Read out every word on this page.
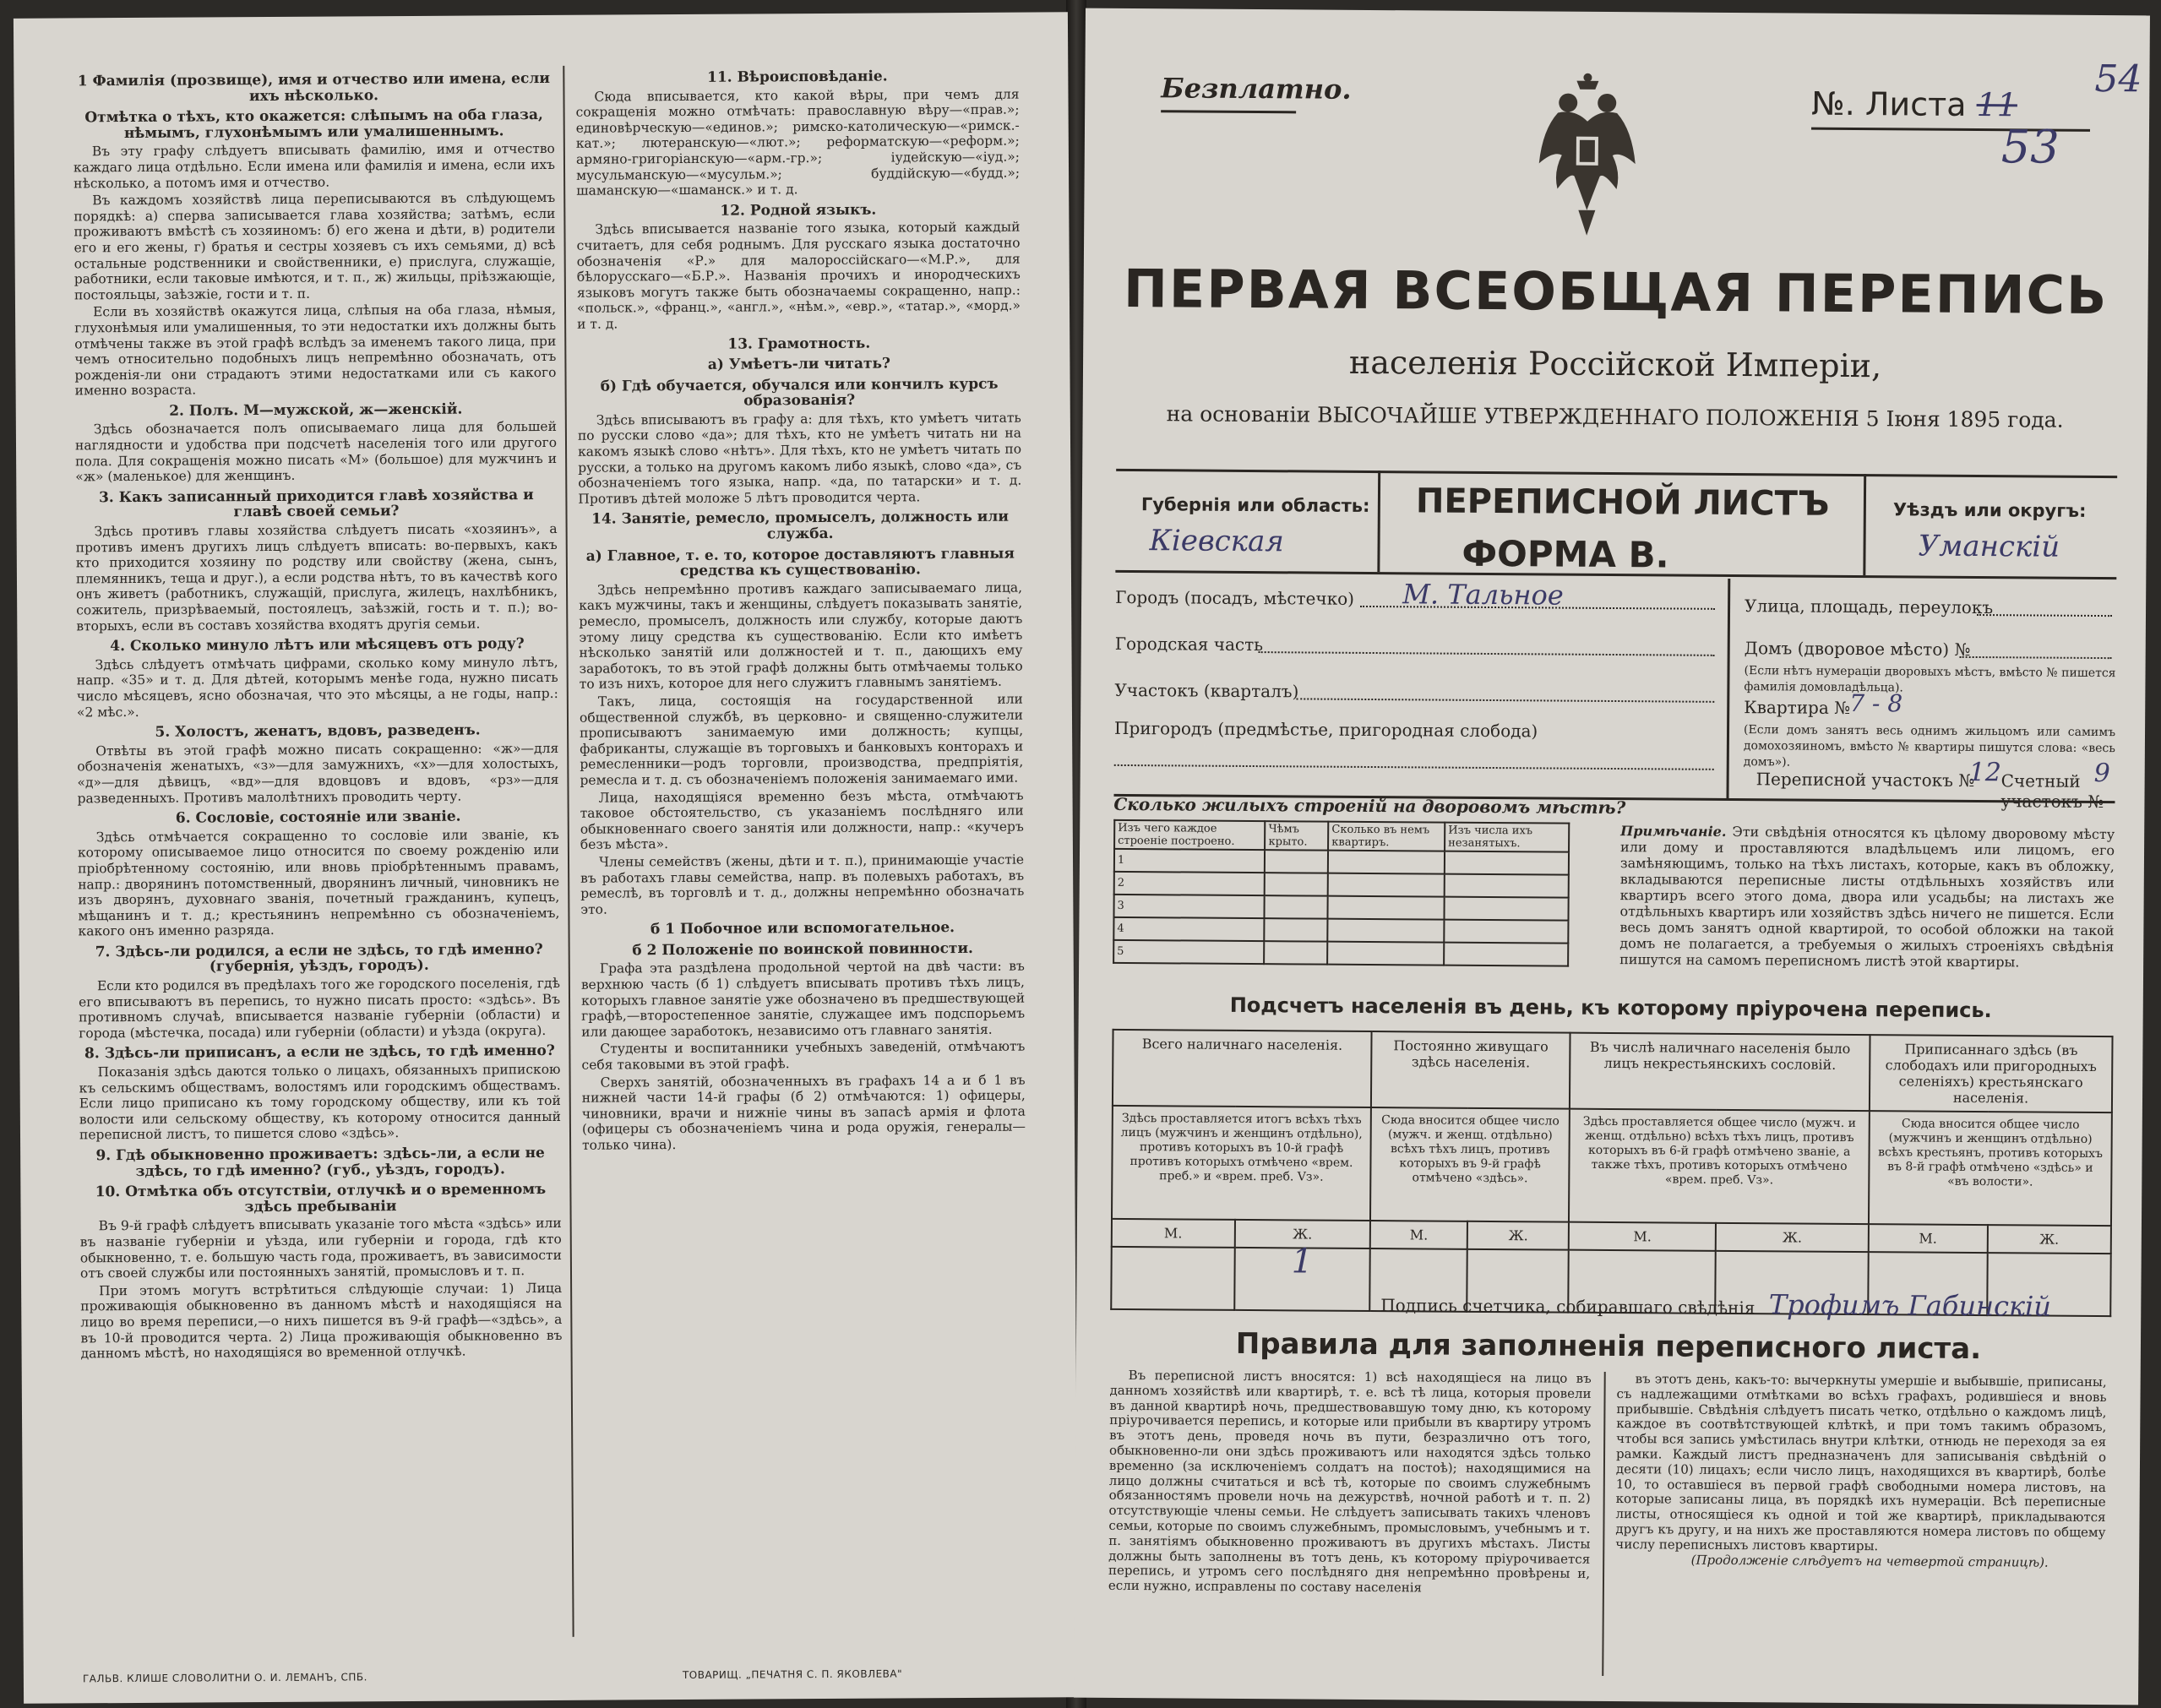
1 Фамилія (прозвище), имя и отчество или имена, если ихъ нѣсколько.
Отмѣтка о тѣхъ, кто окажется: слѣпымъ на оба глаза, нѣмымъ, глухонѣмымъ или умалишеннымъ.

Въ эту графу слѣдуетъ вписывать фамилію, имя и отчество каждаго лица отдѣльно. Если имена или фамилія и имена, если ихъ нѣсколько, а потомъ имя и отчество.

Въ каждомъ хозяйствѣ лица переписываются въ слѣдующемъ порядкѣ: а) сперва записывается глава хозяйства; затѣмъ, если проживаютъ вмѣстѣ съ хозяиномъ: б) его жена и дѣти, в) родители его и его жены, г) братья и сестры хозяевъ съ ихъ семьями, д) всѣ остальные родственники и свойственники, е) прислуга, служащіе, работники, если таковые имѣются, и т. п., ж) жильцы, пріѣзжающіе, постояльцы, заѣзжіе, гости и т. п.

Если въ хозяйствѣ окажутся лица, слѣпыя на оба глаза, нѣмыя, глухонѣмыя или умалишенныя, то эти недостатки ихъ должны быть отмѣчены также въ этой графѣ вслѣдъ за именемъ такого лица, при чемъ относительно подобныхъ лицъ непремѣнно обозначать, отъ рожденія-ли они страдаютъ этими недостатками или съ какого именно возраста.

2. Полъ. М—мужской, ж—женскій.

Здѣсь обозначается полъ описываемаго лица для большей наглядности и удобства при подсчетѣ населенія того или другого пола. Для сокращенія можно писать «М» (большое) для мужчинъ и «ж» (маленькое) для женщинъ.

3. Какъ записанный приходится главѣ хозяйства и главѣ своей семьи?

Здѣсь противъ главы хозяйства слѣдуетъ писать «хозяинъ», а противъ именъ другихъ лицъ слѣдуетъ вписать: во-первыхъ, какъ кто приходится хозяину по родству или свойству (жена, сынъ, племянникъ, теща и друг.), а если родства нѣтъ, то въ качествѣ кого онъ живетъ (работникъ, служащій, прислуга, жилецъ, нахлѣбникъ, сожитель, призрѣваемый, постоялецъ, заѣзжій, гость и т. п.); во-вторыхъ, если въ составъ хозяйства входятъ другія семьи.

4. Сколько минуло лѣтъ или мѣсяцевъ отъ роду?

Здѣсь слѣдуетъ отмѣчать цифрами, сколько кому минуло лѣтъ, напр. «35» и т. д. Для дѣтей, которымъ менѣе года, нужно писать число мѣсяцевъ, ясно обозначая, что это мѣсяцы, а не годы, напр.: «2 мѣс.».

5. Холостъ, женатъ, вдовъ, разведенъ.

Отвѣты въ этой графѣ можно писать сокращенно: «ж»—для обозначенія женатыхъ, «з»—для замужнихъ, «х»—для холостыхъ, «д»—для дѣвицъ, «вд»—для вдовцовъ и вдовъ, «рз»—для разведенныхъ. Противъ малолѣтнихъ проводить черту.

6. Сословіе, состояніе или званіе.

Здѣсь отмѣчается сокращенно то сословіе или званіе, къ которому описываемое лицо относится по своему рожденію или пріобрѣтенному состоянію, или вновь пріобрѣтеннымъ правамъ, напр.: дворянинъ потомственный, дворянинъ личный, чиновникъ не изъ дворянъ, духовнаго званія, почетный гражданинъ, купецъ, мѣщанинъ и т. д.; крестьянинъ непремѣнно съ обозначеніемъ, какого онъ именно разряда.

7. Здѣсь-ли родился, а если не здѣсь, то гдѣ именно? (губернія, уѣздъ, городъ).

Если кто родился въ предѣлахъ того же городского поселенія, гдѣ его вписываютъ въ перепись, то нужно писать просто: «здѣсь». Въ противномъ случаѣ, вписывается названіе губерніи (области) и города (мѣстечка, посада) или губерніи (области) и уѣзда (округа).

8. Здѣсь-ли приписанъ, а если не здѣсь, то гдѣ именно?

Показанія здѣсь даются только о лицахъ, обязанныхъ припискою къ сельскимъ обществамъ, волостямъ или городскимъ обществамъ. Если лицо приписано къ тому городскому обществу, или къ той волости или сельскому обществу, къ которому относится данный переписной листъ, то пишется слово «здѣсь».

9. Гдѣ обыкновенно проживаетъ: здѣсь-ли, а если не здѣсь, то гдѣ именно? (губ., уѣздъ, городъ).
10. Отмѣтка объ отсутствіи, отлучкѣ и о временномъ здѣсь пребываніи

Въ 9-й графѣ слѣдуетъ вписывать указаніе того мѣста «здѣсь» или въ названіе губерніи и уѣзда, или губерніи и города, гдѣ кто обыкновенно, т. е. большую часть года, проживаетъ, въ зависимости отъ своей службы или постоянныхъ занятій, промысловъ и т. п.

При этомъ могутъ встрѣтиться слѣдующіе случаи: 1) Лица проживающія обыкновенно въ данномъ мѣстѣ и находящіяся на лицо во время переписи,—о нихъ пишется въ 9-й графѣ—«здѣсь», а въ 10-й проводится черта. 2) Лица проживающія обыкновенно въ данномъ мѣстѣ, но находящіяся во временной отлучкѣ.

11. Вѣроисповѣданіе.

Сюда вписывается, кто какой вѣры, при чемъ для сокращенія можно отмѣчать: православную вѣру—«прав.»; единовѣрческую—«единов.»; римско-католическую—«римск.-кат.»; лютеранскую—«лют.»; реформатскую—«реформ.»; армяно-григоріанскую—«арм.-гр.»; іудейскую—«іуд.»; мусульманскую—«мусульм.»; буддійскую—«будд.»; шаманскую—«шаманск.» и т. д.

12. Родной языкъ.

Здѣсь вписывается названіе того языка, который каждый считаетъ, для себя роднымъ. Для русскаго языка достаточно обозначенія «Р.» для малороссійскаго—«М.Р.», для бѣлорусскаго—«Б.Р.». Названія прочихъ и инородческихъ языковъ могутъ также быть обозначаемы сокращенно, напр.: «польск.», «франц.», «англ.», «нѣм.», «евр.», «татар.», «морд.» и т. д.

13. Грамотность.
а) Умѣетъ-ли читать?
б) Гдѣ обучается, обучался или кончилъ курсъ образованія?

Здѣсь вписываютъ въ графу а: для тѣхъ, кто умѣетъ читать по русски слово «да»; для тѣхъ, кто не умѣетъ читать ни на какомъ языкѣ слово «нѣтъ». Для тѣхъ, кто не умѣетъ читать по русски, а только на другомъ какомъ либо языкѣ, слово «да», съ обозначеніемъ того языка, напр. «да, по татарски» и т. д. Противъ дѣтей моложе 5 лѣтъ проводится черта.

14. Занятіе, ремесло, промыселъ, должность или служба.
а) Главное, т. е. то, которое доставляютъ главныя средства къ существованію.

Здѣсь непремѣнно противъ каждаго записываемаго лица, какъ мужчины, такъ и женщины, слѣдуетъ показывать занятіе, ремесло, промыселъ, должность или службу, которые даютъ этому лицу средства къ существованію. Если кто имѣетъ нѣсколько занятій или должностей и т. п., дающихъ ему заработокъ, то въ этой графѣ должны быть отмѣчаемы только то изъ нихъ, которое для него служитъ главнымъ занятіемъ.

Такъ, лица, состоящія на государственной или общественной службѣ, въ церковно- и священно-служители прописываютъ занимаемую ими должность; купцы, фабриканты, служащіе въ торговыхъ и банковыхъ конторахъ и ремесленники—родъ торговли, производства, предпріятія, ремесла и т. д. съ обозначеніемъ положенія занимаемаго ими.

Лица, находящіяся временно безъ мѣста, отмѣчаютъ таковое обстоятельство, съ указаніемъ послѣдняго или обыкновеннаго своего занятія или должности, напр.: «кучеръ безъ мѣста».

Члены семействъ (жены, дѣти и т. п.), принимающіе участіе въ работахъ главы семейства, напр. въ полевыхъ работахъ, въ ремеслѣ, въ торговлѣ и т. д., должны непремѣнно обозначать это.

б 1 Побочное или вспомогательное.
б 2 Положеніе по воинской повинности.

Графа эта раздѣлена продольной чертой на двѣ части: въ верхнюю часть (б 1) слѣдуетъ вписывать противъ тѣхъ лицъ, которыхъ главное занятіе уже обозначено въ предшествующей графѣ,—второстепенное занятіе, служащее имъ подспорьемъ или дающее заработокъ, независимо отъ главнаго занятія.

Студенты и воспитанники учебныхъ заведеній, отмѣчаютъ себя таковыми въ этой графѣ.

Сверхъ занятій, обозначенныхъ въ графахъ 14 а и б 1 въ нижней части 14-й графы (б 2) отмѣчаются: 1) офицеры, чиновники, врачи и нижніе чины въ запасѣ армія и флота (офицеры съ обозначеніемъ чина и рода оружія, генералы—только чина).

ГАЛЬВ. КЛИШЕ СЛОВОЛИТНИ О. И. ЛЕМАНЪ, СПБ.	ТОВАРИЩ. „ПЕЧАТНЯ С. П. ЯКОВЛЕВА"
Безплатно.	№. Листа 11
54
53
ПЕРВАЯ ВСЕОБЩАЯ ПЕРЕПИСЬ
населенія Россійской Имперіи,
на основаніи ВЫСОЧАЙШЕ УТВЕРЖДЕННАГО ПОЛОЖЕНІЯ 5 Іюня 1895 года.
Губернія или область:
Кіевская
ПЕРЕПИСНОЙ ЛИСТЪ
ФОРМА В.
Уѣздъ или округъ:
Уманскій
Городъ (посадъ, мѣстечко) М. Тальное
Городская часть
Участокъ (кварталъ)
Пригородъ (предмѣстье, пригородная слобода)
Улица, площадь, переулокъ
Домъ (дворовое мѣсто) №
(Если нѣтъ нумераціи дворовыхъ мѣстъ, вмѣсто № пишется фамилія домовладѣльца).
Квартира №
7 - 8
(Если домъ занятъ весь однимъ жильцомъ или самимъ домохозяиномъ, вмѣсто № квартиры пишутся слова: «весь домъ»).
Переписной участокъ №
12 Счетный участокъ №
9
Сколько жилыхъ строеній на дворовомъ мѣстѣ?
Изъ чего каждое строеніе построено.	Чѣмъ крыто.	Сколько въ немъ квартиръ.	Изъ числа ихъ незанятыхъ.
1			
2			
3			
4			
5			
Примѣчаніе. Эти свѣдѣнія относятся къ цѣлому дворовому мѣсту или дому и проставляются владѣльцемъ или лицомъ, его замѣняющимъ, только на тѣхъ листахъ, которые, какъ въ обложку, вкладываются переписные листы отдѣльныхъ хозяйствъ или квартиръ всего этого дома, двора или усадьбы; на листахъ же отдѣльныхъ квартиръ или хозяйствъ здѣсь ничего не пишется. Если весь домъ занятъ одной квартирой, то особой обложки на такой домъ не полагается, а требуемыя о жилыхъ строеніяхъ свѣдѣнія пишутся на самомъ переписномъ листѣ этой квартиры.
Подсчетъ населенія въ день, къ которому пріурочена перепись.
Всего наличнаго населенія.		Постоянно живущаго здѣсь населенія.		Въ числѣ наличнаго населенія было лицъ некрестьянскихъ сословій.		Приписаннаго здѣсь (въ слободахъ или пригородныхъ селеніяхъ) крестьянскаго населенія.	
Здѣсь проставляется итогъ всѣхъ тѣхъ лицъ (мужчинъ и женщинъ отдѣльно), противъ которыхъ въ 10-й графѣ противъ которыхъ отмѣчено «врем. преб.» и «врем. преб. Vз».		Сюда вносится общее число (мужч. и женщ. отдѣльно) всѣхъ тѣхъ лицъ, противъ которыхъ въ 9-й графѣ отмѣчено «здѣсь».		Здѣсь проставляется общее число (мужч. и женщ. отдѣльно) всѣхъ тѣхъ лицъ, противъ которыхъ въ 6-й графѣ отмѣчено званіе, а также тѣхъ, противъ которыхъ отмѣчено «врем. преб. Vз».		Сюда вносится общее число (мужчинъ и женщинъ отдѣльно) всѣхъ крестьянъ, противъ которыхъ въ 8-й графѣ отмѣчено «здѣсь» и «въ волости».	
М.	Ж.	М.	Ж.	М.	Ж.	М.	Ж.
	1						
Подпись счетчика, собиравшаго свѣдѣнія Трофимъ Габинскій
Правила для заполненія переписного листа.

Въ переписной листъ вносятся: 1) всѣ находящіеся на лицо въ данномъ хозяйствѣ или квартирѣ, т. е. всѣ тѣ лица, которыя провели въ данной квартирѣ ночь, предшествовавшую тому дню, къ которому пріурочивается перепись, и которые или прибыли въ квартиру утромъ въ этотъ день, проведя ночь въ пути, безразлично отъ того, обыкновенно-ли они здѣсь проживаютъ или находятся здѣсь только временно (за исключеніемъ солдатъ на постоѣ); находящимися на лицо должны считаться и всѣ тѣ, которые по своимъ служебнымъ обязанностямъ провели ночь на дежурствѣ, ночной работѣ и т. п. 2) отсутствующіе члены семьи. Не слѣдуетъ записывать такихъ членовъ семьи, которые по своимъ служебнымъ, промысловымъ, учебнымъ и т. п. занятіямъ обыкновенно проживаютъ въ другихъ мѣстахъ. Листы должны быть заполнены въ тотъ день, къ которому пріурочивается перепись, и утромъ сего послѣдняго дня непремѣнно провѣрены и, если нужно, исправлены по составу населенія

въ этотъ день, какъ-то: вычеркнуты умершіе и выбывшіе, приписаны, съ надлежащими отмѣтками во всѣхъ графахъ, родившіеся и вновь прибывшіе. Свѣдѣнія слѣдуетъ писать четко, отдѣльно о каждомъ лицѣ, каждое въ соотвѣтствующей клѣткѣ, и при томъ такимъ образомъ, чтобы вся запись умѣстилась внутри клѣтки, отнюдь не переходя за ея рамки. Каждый листъ предназначенъ для записыванія свѣдѣній о десяти (10) лицахъ; если число лицъ, находящихся въ квартирѣ, болѣе 10, то оставшіеся въ первой графѣ свободными номера листовъ, на которые записаны лица, въ порядкѣ ихъ нумераціи. Всѣ переписные листы, относящіеся къ одной и той же квартирѣ, прикладываются другъ къ другу, и на нихъ же проставляются номера листовъ по общему числу переписныхъ листовъ квартиры.

(Продолженіе слѣдуетъ на четвертой страницѣ).
